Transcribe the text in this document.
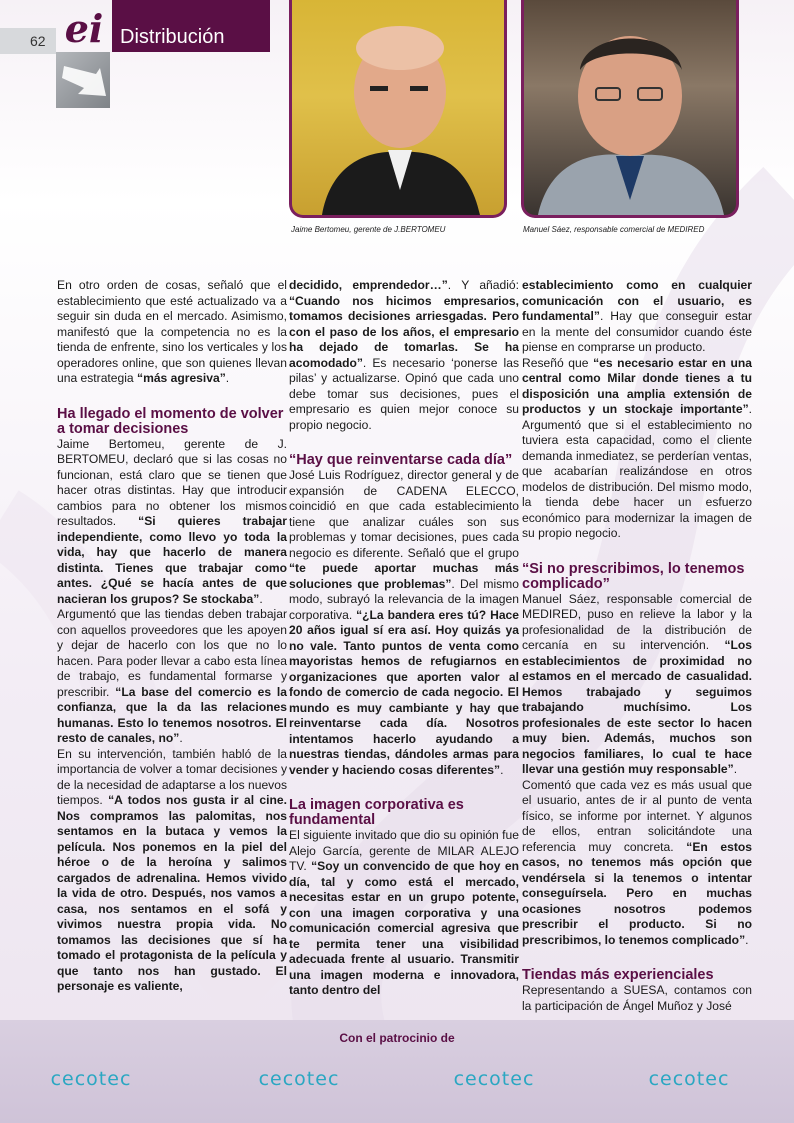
62 ei Distribución
Jaime Bertomeu, gerente de J.BERTOMEU	Manuel Sáez, responsable comercial de MEDIRED

En otro orden de cosas, señaló que el establecimiento que esté actualizado va a seguir sin duda en el mercado. Asimismo, manifestó que la competencia no es la tienda de enfrente, sino los verticales y los operadores online, que son quienes llevan una estrategia “más agresiva”.

Ha llegado el momento de volver a tomar decisiones

Jaime Bertomeu, gerente de J. BERTOMEU, declaró que si las cosas no funcionan, está claro que se tienen que hacer otras distintas. Hay que introducir cambios para no obtener los mismos resultados. “Si quieres trabajar independiente, como llevo yo toda la vida, hay que hacerlo de manera distinta. Tienes que trabajar como antes. ¿Qué se hacía antes de que nacieran los grupos? Se stockaba”.

Argumentó que las tiendas deben trabajar con aquellos proveedores que les apoyen y dejar de hacerlo con los que no lo hacen. Para poder llevar a cabo esta línea de trabajo, es fundamental formarse y prescribir. “La base del comercio es la confianza, que la da las relaciones humanas. Esto lo tenemos nosotros. El resto de canales, no”.

En su intervención, también habló de la importancia de volver a tomar decisiones y de la necesidad de adaptarse a los nuevos tiempos. “A todos nos gusta ir al cine. Nos compramos las palomitas, nos sentamos en la butaca y vemos la película. Nos ponemos en la piel del héroe o de la heroína y salimos cargados de adrenalina. Hemos vivido la vida de otro. Después, nos vamos a casa, nos sentamos en el sofá y vivimos nuestra propia vida. No tomamos las decisiones que sí ha tomado el protagonista de la película y que tanto nos han gustado. El personaje es valiente,

decidido, emprendedor…”. Y añadió: “Cuando nos hicimos empresarios, tomamos decisiones arriesgadas. Pero con el paso de los años, el empresario ha dejado de tomarlas. Se ha acomodado”. Es necesario ‘ponerse las pilas’ y actualizarse. Opinó que cada uno debe tomar sus decisiones, pues el empresario es quien mejor conoce su propio negocio.

“Hay que reinventarse cada día”

José Luis Rodríguez, director general y de expansión de CADENA ELECCO, coincidió en que cada establecimiento tiene que analizar cuáles son sus problemas y tomar decisiones, pues cada negocio es diferente. Señaló que el grupo “te puede aportar muchas más soluciones que problemas”. Del mismo modo, subrayó la relevancia de la imagen corporativa. “¿La bandera eres tú? Hace 20 años igual sí era así. Hoy quizás ya no vale. Tanto puntos de venta como mayoristas hemos de refugiarnos en organizaciones que aporten valor al fondo de comercio de cada negocio. El mundo es muy cambiante y hay que reinventarse cada día. Nosotros intentamos hacerlo ayudando a nuestras tiendas, dándoles armas para vender y haciendo cosas diferentes”.

La imagen corporativa es fundamental

El siguiente invitado que dio su opinión fue Alejo García, gerente de MILAR ALEJO TV. “Soy un convencido de que hoy en día, tal y como está el mercado, necesitas estar en un grupo potente, con una imagen corporativa y una comunicación comercial agresiva que te permita tener una visibilidad adecuada frente al usuario. Transmitir una imagen moderna e innovadora, tanto dentro del

establecimiento como en cualquier comunicación con el usuario, es fundamental”. Hay que conseguir estar en la mente del consumidor cuando éste piense en comprarse un producto.

Reseñó que “es necesario estar en una central como Milar donde tienes a tu disposición una amplia extensión de productos y un stockaje importante”. Argumentó que si el establecimiento no tuviera esta capacidad, como el cliente demanda inmediatez, se perderían ventas, que acabarían realizándose en otros modelos de distribución. Del mismo modo, la tienda debe hacer un esfuerzo económico para modernizar la imagen de su propio negocio.

“Si no prescribimos, lo tenemos complicado”

Manuel Sáez, responsable comercial de MEDIRED, puso en relieve la labor y la profesionalidad de la distribución de cercanía en su intervención. “Los establecimientos de proximidad no estamos en el mercado de casualidad. Hemos trabajado y seguimos trabajando muchísimo. Los profesionales de este sector lo hacen muy bien. Además, muchos son negocios familiares, lo cual te hace llevar una gestión muy responsable”.

Comentó que cada vez es más usual que el usuario, antes de ir al punto de venta físico, se informe por internet. Y algunos de ellos, entran solicitándote una referencia muy concreta. “En estos casos, no tenemos más opción que vendérsela si la tenemos o intentar conseguírsela. Pero en muchas ocasiones nosotros podemos prescribir el producto. Si no prescribimos, lo tenemos complicado”.

Tiendas más experienciales

Representando a SUESA, contamos con la participación de Ángel Muñoz y José

Con el patrocinio de
cecotec	cecotec	cecotec	cecotec
